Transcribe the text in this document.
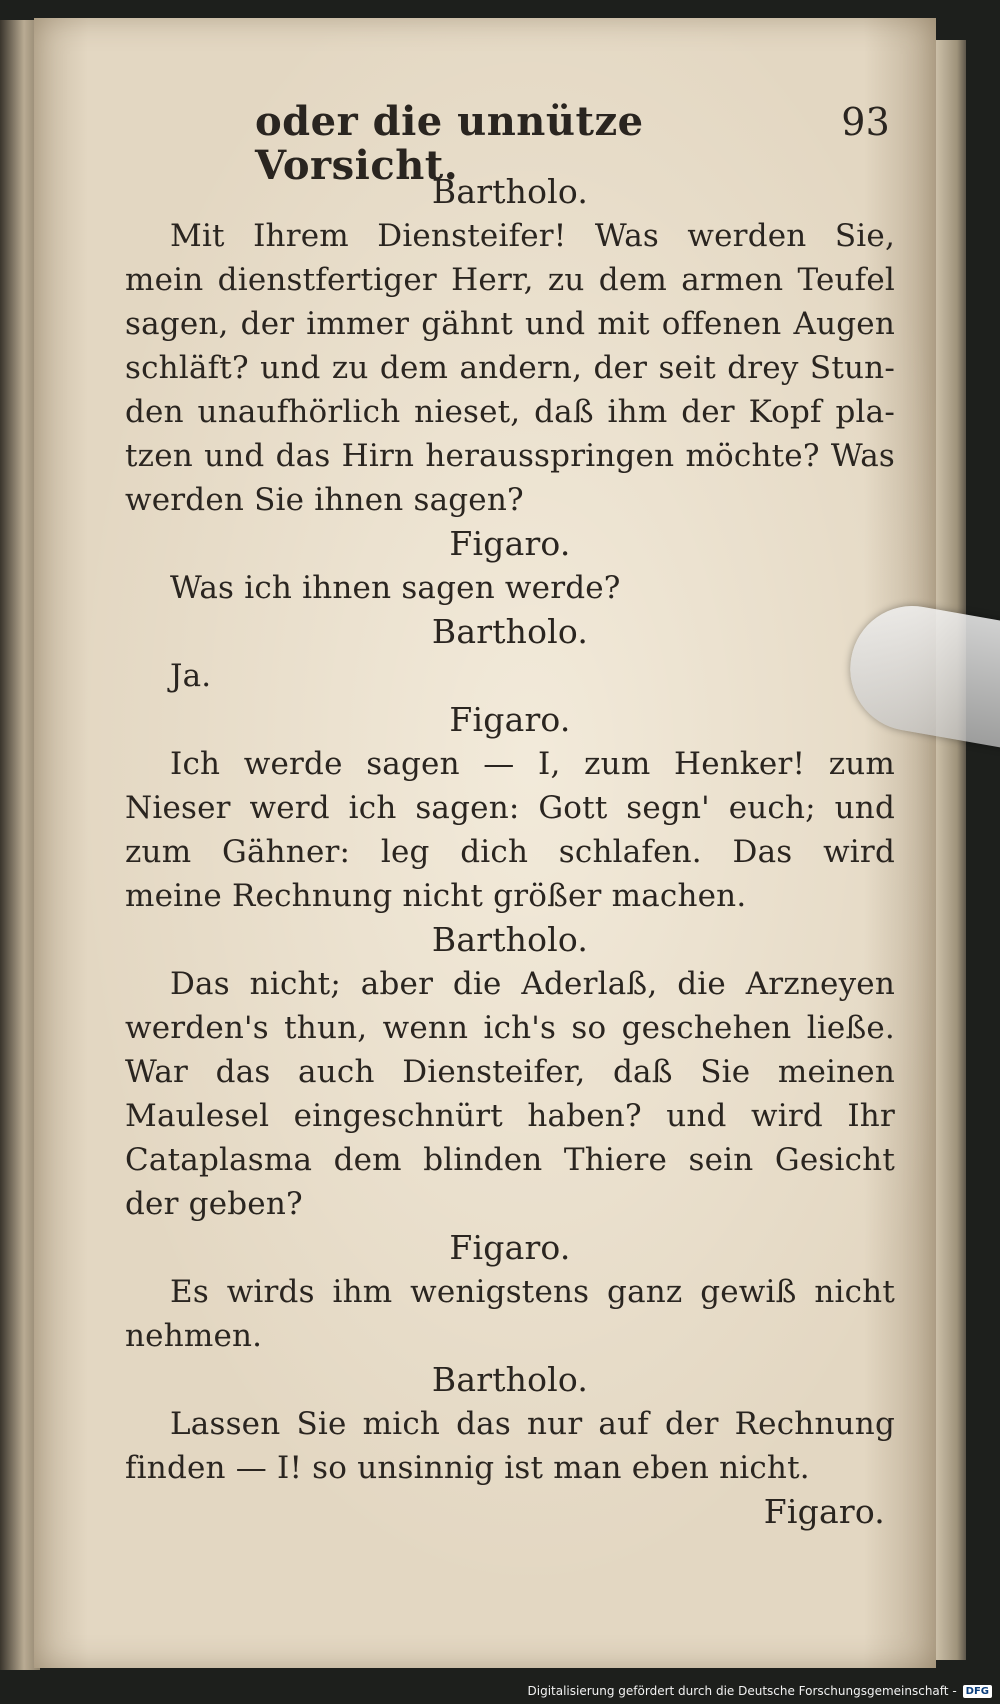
oder die unnütze Vorsicht.
93
Bartholo.
Mit Ihrem Diensteifer! Was werden Sie,
mein dienstfertiger Herr, zu dem armen Teufel
sagen, der immer gähnt und mit offenen Augen
schläft? und zu dem andern, der seit drey Stun-
den unaufhörlich nieset, daß ihm der Kopf pla-
tzen und das Hirn herausspringen möchte? Was
werden Sie ihnen sagen?
Figaro.
Was ich ihnen sagen werde?
Bartholo.
Ja.
Figaro.
Ich werde sagen — I, zum Henker! zum
Nieser werd ich sagen: Gott segn' euch; und
zum Gähner: leg dich schlafen. Das wird
meine Rechnung nicht größer machen.
Bartholo.
Das nicht; aber die Aderlaß, die Arzneyen
werden's thun, wenn ich's so geschehen ließe.
War das auch Diensteifer, daß Sie meinen
Maulesel eingeschnürt haben? und wird Ihr
Cataplasma dem blinden Thiere sein Gesicht
der geben?
Figaro.
Es wirds ihm wenigstens ganz gewiß nicht
nehmen.
Bartholo.
Lassen Sie mich das nur auf der Rechnung
finden — I! so unsinnig ist man eben nicht.
Figaro.
Digitalisierung gefördert durch die Deutsche Forschungsgemeinschaft - DFG
